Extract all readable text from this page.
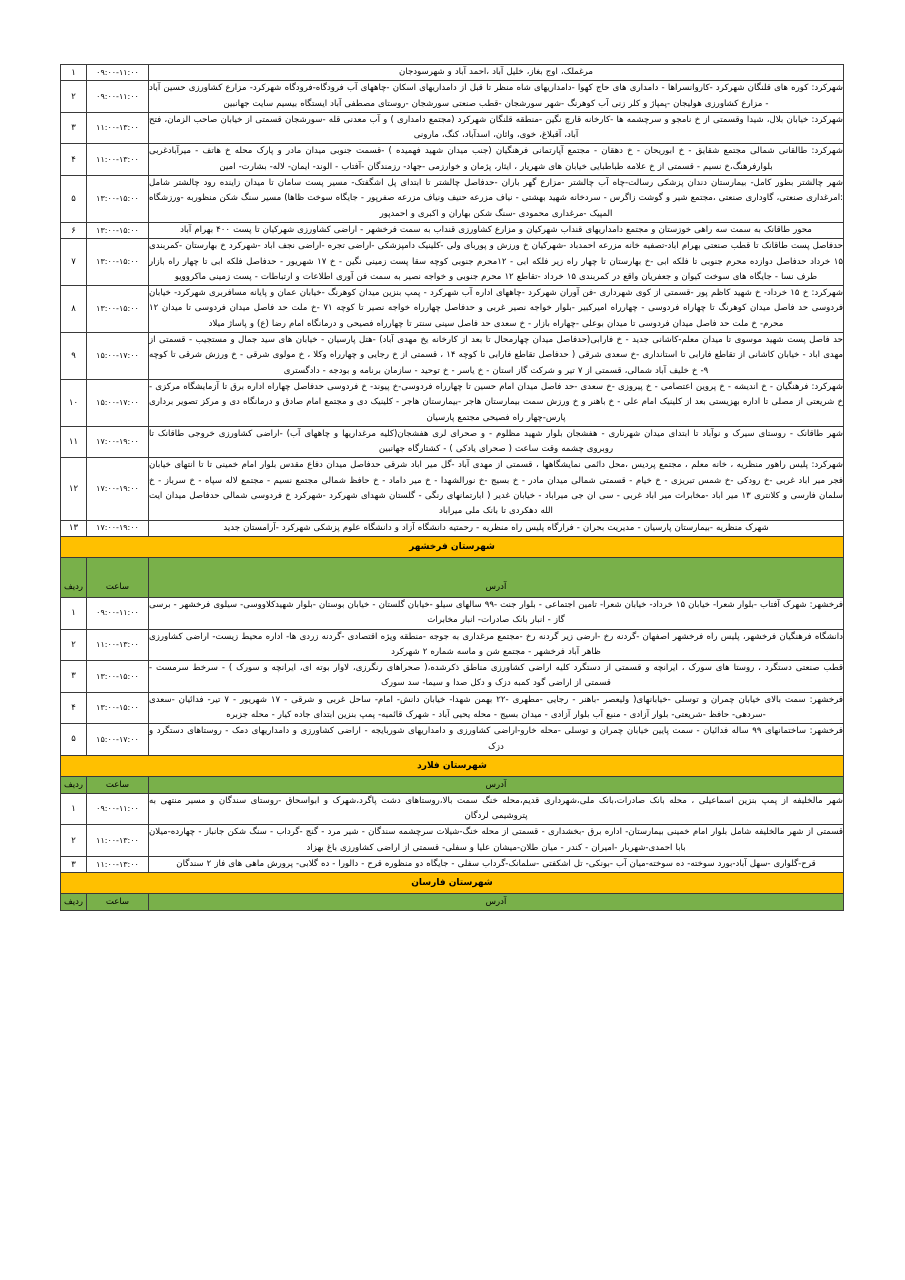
مرغملک، اوج بغاز، خلیل آباد ،احمد آباد و شهرسودجان	۰۹:۰۰-۱۱:۰۰	۱
شهرکرد: کوره های قلنگان شهرکرد -کاروانسراها - دامداری های حاج کهوا -دامداریهای شاه منظر تا قبل از دامداریهای اسکان -چاههای آب فرودگاه-فرودگاه شهرکرد- مزارع کشاورزی حسین آباد - مزارع کشاورزی هولیجان -پمپاژ و کلر زنی آب کوهرنگ -شهر سورشجان -قطب صنعتی سورشجان -روستای مصطفی آباد ایستگاه بیسیم سایت جهانبین	۰۹:۰۰-۱۱:۰۰	۲
شهرکرد: خیابان بلال، شیدا وقسمتی از خ نامجو و سرچشمه ها -کارخانه قارچ نگین -منطقه قلنگان شهرکرد (مجتمع دامداری ) و آب معدنی قله -سورشجان قسمتی از خیابان صاحب الزمان، فتح آباد، آقبلاغ، خوی، واثان، اسدآباد، کنگ، مارونی	۱۱:۰۰-۱۳:۰۰	۳
شهرکرد: طالقانی شمالی مجتمع شقایق - خ ابوریحان - خ دهقان - مجتمع آپارتمانی فرهنگیان (جنب میدان شهید فهمیده ) -قسمت جنوبی میدان مادر و پارک محله خ هاتف - میرآبادغربی بلوارفرهنگ،خ نسیم - قسمتی از خ علامه طباطبایی خیابان های شهریار ، ایثار، پژمان و خوارزمی -جهاد- رزمندگان -آفتاب - الوند- ایمان- لاله- بشارت- امین	۱۱:۰۰-۱۳:۰۰	۴
شهر چالشتر بطور کامل- بیمارستان دندان پزشکی رسالت-چاه آب چالشتر -مزارع گهر باران -حدفاصل چالشتر تا ابتدای پل اشگفتک- مسیر پست سامان تا میدان زاینده رود چالشتر شامل :امرغداری صنعتی، گاوداری صنعتی ،مجتمع شیر و گوشت زاگرس - سردخانه شهید بهشتی - نیاف مزرعه حنیف ونیاف مزرعه صفرپور - جایگاه سوخت ظاها) مسیر سنگ شکن منظوربه -ورزشگاه المپیک -مرغداری محمودی -سنگ شکن بهاران و اکبری و احمدپور	۱۳:۰۰-۱۵:۰۰	۵
محور طاقانک به سمت سه راهی خوزستان و مجتمع دامداریهای قنداب شهرکیان و مزارع کشاورزی قنداب به سمت فرخشهر - اراضی کشاورزی شهرکیان تا پست ۴۰۰ بهرام آباد	۱۳:۰۰-۱۵:۰۰	۶
حدفاصل پست طاقانک تا قطب صنعتی بهرام اباد-تصفیه خانه مزرعه احمدباد -شهرکیان خ ورزش و پوربای ولی -کلینیک دامپزشکی -اراضی تجره -اراضی نجف اباد -شهرکرد خ بهارستان -کمربندی ۱۵ خرداد حدفاصل دوازده محرم جنوبی تا فلکه ابی -خ بهارستان تا چهار راه زیر فلکه ابی - ۱۲محرم جنوبی کوچه سقا پست زمینی نگین - خ ۱۷ شهریور - حدفاصل فلکه ابی تا چهار راه بازار طرف نسا - جایگاه های سوخت کیوان و جعفریان واقع در کمربندی ۱۵ خرداد -تقاطع ۱۲ محرم جنوبی و خواجه نصیر به سمت فن آوری اطلاعات و ارتباطات - پست زمینی ماکروویو	۱۳:۰۰-۱۵:۰۰	۷
شهرکرد: خ ۱۵ خرداد- خ شهید کاظم پور -قسمتی از کوی شهرداری -فن آوران شهرکرد -چاههای اداره آب شهرکرد - پمپ بنزین میدان کوهرنگ -خیابان عمان و پایانه مسافربری شهرکرد- خیابان فردوسی حد فاصل میدان کوهرنگ تا چهاراه فردوسی - چهارراه امیرکبیر -بلوار خواجه نصیر غربی و حدفاصل چهارراه خواجه نصیر تا کوچه ۷۱ -خ ملت حد فاصل میدان فردوسی تا میدان ۱۲ محرم- خ ملت حد فاصل میدان فردوسی تا میدان بوعلی -چهاراه بازار - خ سعدی حد فاصل سینی سنتر تا چهارراه فصیحی و درمانگاه امام رضا (ع) و پاساژ میلاد	۱۳:۰۰-۱۵:۰۰	۸
حد فاصل پست شهید موسوی تا میدان معلم-کاشانی جدید - خ فارابی(حدفاصل میدان چهارمحال تا بعد از کارخانه یخ مهدی آباد) -هتل پارسیان - خیابان های سید جمال و مستجیب - قسمتی از مهدی اباد - خیابان کاشانی از تقاطع فارابی تا استانداری -خ سعدی شرقی ( حدفاصل تقاطع فارابی تا کوچه ۱۴ ، قسمتی از خ رجایی و چهارراه وکلا ، خ مولوی شرقی - خ ورزش شرقی تا کوچه ۹- خ خلیف آباد شمالی، قسمتی از ۷ تیر و شرکت گاز استان - خ یاسر - خ توحید - سازمان برنامه و بودجه - دادگستری	۱۵:۰۰-۱۷:۰۰	۹
شهرکرد: فرهنگیان - خ اندیشه - خ پروین اعتصامی - خ پیروزی -خ سعدی -حد فاصل میدان امام حسین تا چهارراه فردوسی-خ پیوند- خ فردوسی حدفاصل چهاراه اداره برق تا آزمایشگاه مرکزی - خ شریعتی از مصلی تا اداره بهزیستی بعد از کلینیک امام علی - خ باهنر و خ ورزش سمت بیمارستان هاجر -بیمارستان هاجر - کلینیک دی و مجتمع امام صادق و درمانگاه دی و مرکز تصویر برداری پارس-چهار راه فصیحی مجتمع پارسیان	۱۵:۰۰-۱۷:۰۰	۱۰
شهر طاقانک - روستای سیرک و نوآباد تا ابتدای میدان شهرناری - هفشجان بلوار شهید مظلوم - و صحرای لری هفشجان(کلیه مرغداریها و چاههای آب) -اراضی کشاورزی خروجی طاقانک تا روبروی چشمه وقت ساعت ( صحرای یادکی ) - کشتارگاه جهانبین	۱۷:۰۰-۱۹:۰۰	۱۱
شهرکرد: پلیس راهور منظریه ، خانه معلم ، مجتمع پردیس ،محل دائمی نمایشگاهها ، قسمتی از مهدی آباد -گل میر اباد شرقی حدفاصل میدان دفاع مقدس بلوار امام خمینی تا تا انتهای خیابان فجر میر اباد غربی -خ رودکی -خ شمس تبریزی - خ خیام - قسمتی شمالی میدان مادر - خ بسیج -خ نورالشهدا - خ میر داماد - خ حافظ شمالی مجتمع نسیم - مجتمع لاله سپاه - خ سرباز - خ سلمان فارسی و کلانتری ۱۳ میر اباد -مخابرات میر اباد غربی - سی ان جی میراباد - خیابان غدیر ( ابارتمانهای رنگی - گلستان شهدای شهرکرد -شهرکرد خ فردوسی شمالی حدفاصل میدان ایت الله دهکردی تا بانک ملی میراباد	۱۷:۰۰-۱۹:۰۰	۱۲
شهرک منظریه -بیمارستان پارسیان - مدیریت بحران - فرارگاه پلیس راه منظریه - رحمتیه دانشگاه آزاد و دانشگاه علوم پزشکی شهرکرد -آرامستان جدید	۱۷:۰۰-۱۹:۰۰	۱۳
شهرستان فرخشهر		
آدرس	ساعت	ردیف
فرخشهر: شهرک آفتاب -بلوار شعرا- خیابان ۱۵ خرداد- خیابان شعرا- تامین اجتماعی - بلوار جنت -۹۹ سالهای سیلو -خیابان گلستان - خیابان بوستان -بلوار شهیدکلاووسی- سیلوی فرخشهر - برسی گاز - انبار بانک صادرات- انبار مخابرات	۰۹:۰۰-۱۱:۰۰	۱
دانشگاه فرهنگیان فرخشهر، پلیس راه فرخشهر اصفهان -گردنه رخ -ارضی زیر گردنه رخ -مجتمع مرغداری به جوجه -منطقه ویژه اقتصادی -گردنه زردی ها- اداره محیط زیست- اراضی کشاورزی ظاهر آباد فرخشهر - مجتمع شن و ماسه شماره ۲ شهرکرد	۱۱:۰۰-۱۳:۰۰	۲
قطب صنعتی دستگرد ، روستا های سورک ، ایرانچه و قسمتی از دستگرد کلیه اراضی کشاورزی مناطق ذکرشده،( صحراهای رنگرزی، لاوار بوته ای، ایرانچه و سورک ) - سرخط سرمست - قسمتی از اراضی گود کمبه دزک و دکل صدا و سیما- سد سورک	۱۳:۰۰-۱۵:۰۰	۳
فرخشهر: سمت بالای خیابان چمران و توسلی -خیابانهای( ولیعصر -باهنر - رجایی -مطهری -۲۲ بهمن شهدا- خیابان دانش- امام- ساحل غربی و شرقی - ۱۷ شهریور - ۷ تیر- فدائیان -سعدی -سردهی- حافظ -شریعتی- بلوار آزادی - منبع آب بلوار آزادی - میدان بسیج - محله یحیی آباد - شهرک قائمیه- پمپ بنزین ابتدای جاده کیار - محله جزبره	۱۳:۰۰-۱۵:۰۰	۴
فرخشهر: ساختمانهای ۹۹ ساله فدائیان - سمت پایین خیابان چمران و توسلی -محله خارو-اراضی کشاورزی و دامداریهای شوربایجه - اراضی کشاورزی و دامداریهای دمک - روستاهای دستگرد و دزک	۱۵:۰۰-۱۷:۰۰	۵
شهرستان فلارد		
آدرس	ساعت	ردیف
شهر مالخلیفه از پمپ بنزین اسماعیلی ، محله بانک صادرات،بانک ملی،شهرداری قدیم،محله خنگ سمت بالا،روستاهای دشت پاگرد،شهرک و ابواسحاق -روستای سندگان و مسیر منتهی به پتروشیمی لردگان	۰۹:۰۰-۱۱:۰۰	۱
قسمتی از شهر مالخلیفه شامل بلوار امام خمینی بیمارستان- اداره برق -بخشداری - قسمتی از محله خنگ-شیلات سرچشمه سندگان - شیر مرد - گنج -گرداب - سنگ شکن جانباز - چهارده-میلان بابا احمدی-شهربار -امیران - کندر - میان طلان-میشان علیا و سفلی- قسمتی از اراضی کشاورزی باغ بهزاد	۱۱:۰۰-۱۳:۰۰	۲
قرح-گلواری -سهل آباد-بورد سوخته- ده سوخته-میان آب -بونکی- تل اشکفتی -سلمانک-گرداب سفلی - جایگاه دو منظوره قرح - دالورا - ده گلابی- پرورش ماهی های فاز ۲ سندگان	۱۱:۰۰-۱۳:۰۰	۳
شهرستان فارسان		
آدرس	ساعت	ردیف
